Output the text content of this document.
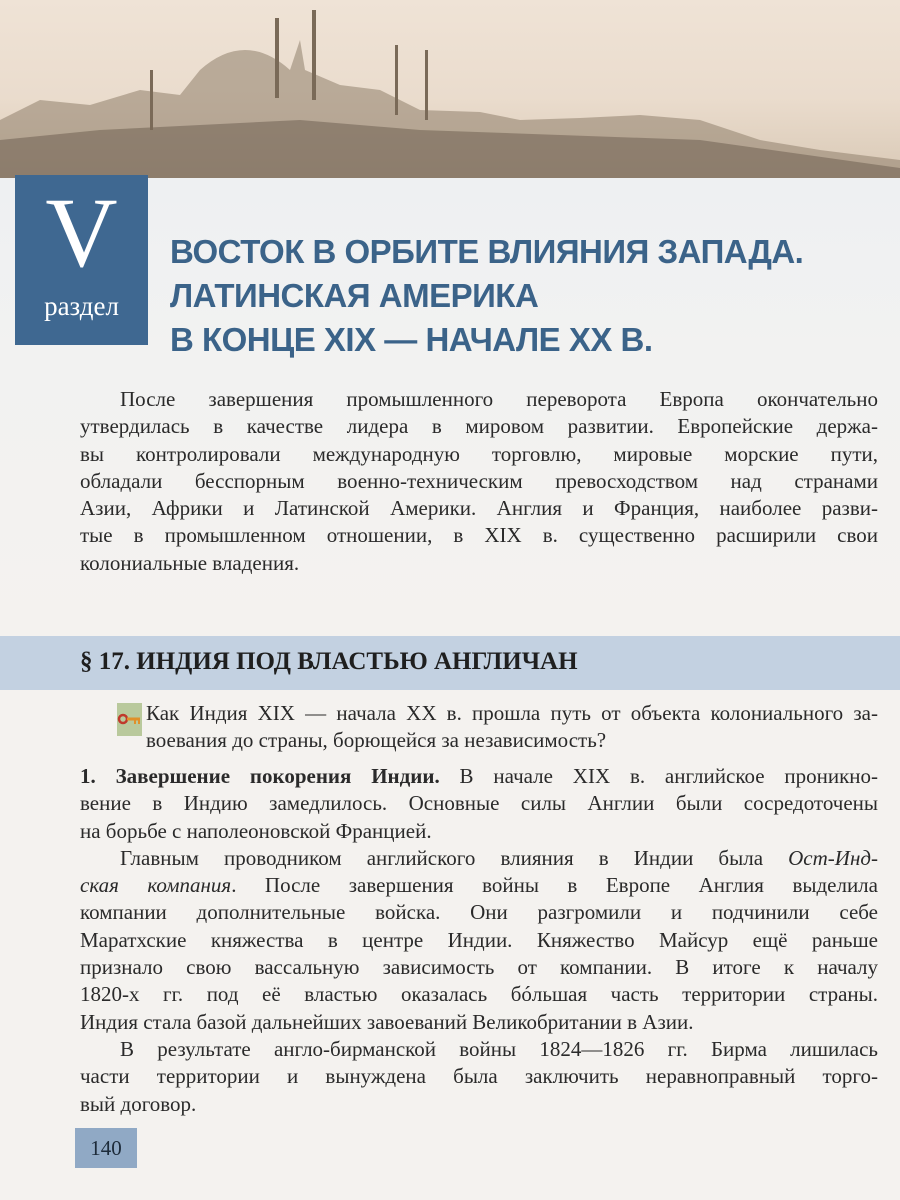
V
раздел
ВОСТОК В ОРБИТЕ ВЛИЯНИЯ ЗАПАДА.
ЛАТИНСКАЯ АМЕРИКА
В КОНЦЕ XIX — НАЧАЛЕ XX В.
После завершения промышленного переворота Европа окончательно
утвердилась в качестве лидера в мировом развитии. Европейские держа-
вы контролировали международную торговлю, мировые морские пути,
обладали бесспорным военно-техническим превосходством над странами
Азии, Африки и Латинской Америки. Англия и Франция, наиболее разви-
тые в промышленном отношении, в XIX в. существенно расширили свои
колониальные владения.
§ 17. ИНДИЯ ПОД ВЛАСТЬЮ АНГЛИЧАН
Как Индия XIX — начала XX в. прошла путь от объекта колониального за-
воевания до страны, борющейся за независимость?
1. Завершение покорения Индии. В начале XIX в. английское проникно-
вение в Индию замедлилось. Основные силы Англии были сосредоточены
на борьбе с наполеоновской Францией.
Главным проводником английского влияния в Индии была Ост-Инд-
ская компания. После завершения войны в Европе Англия выделила
компании дополнительные войска. Они разгромили и подчинили себе
Маратхские княжества в центре Индии. Княжество Майсур ещё раньше
признало свою вассальную зависимость от компании. В итоге к началу
1820-х гг. под её властью оказалась бóльшая часть территории страны.
Индия стала базой дальнейших завоеваний Великобритании в Азии.
В результате англо-бирманской войны 1824—1826 гг. Бирма лишилась
части территории и вынуждена была заключить неравноправный торго-
вый договор.
140
